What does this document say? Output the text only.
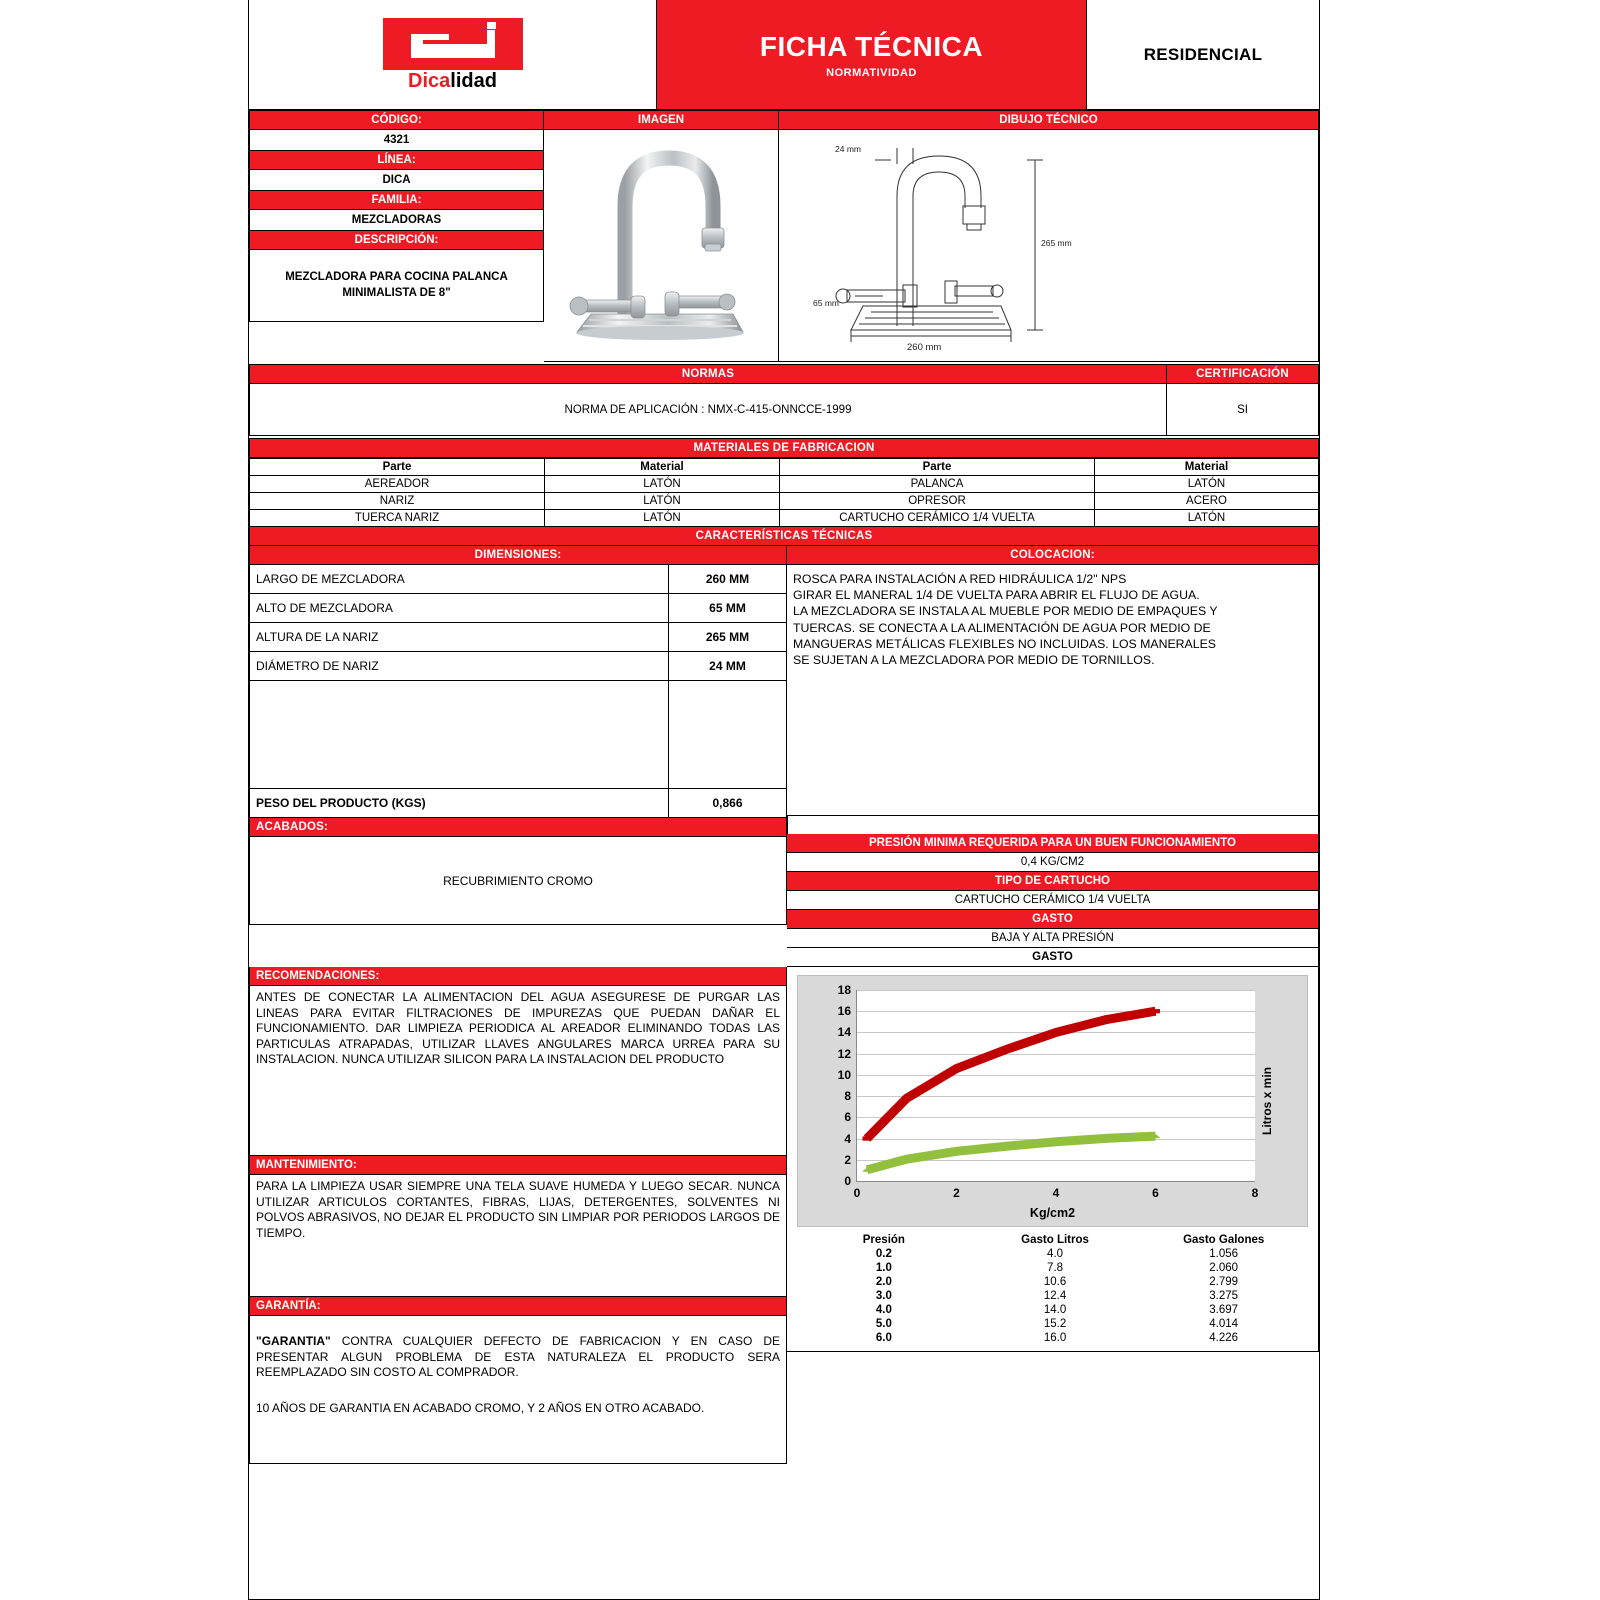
Dicalidad
FICHA TÉCNICA
NORMATIVIDAD
RESIDENCIAL
CÓDIGO:
4321
LÍNEA:
DICA
FAMILIA:
MEZCLADORAS
DESCRIPCIÓN:
MEZCLADORA PARA COCINA PALANCA MINIMALISTA DE 8"
IMAGEN	DIBUJO TÉCNICO
24 mm
265 mm
65 mm
260 mm
NORMAS
NORMA DE APLICACIÓN : NMX-C-415-ONNCCE-1999
CERTIFICACIÓN
SI
MATERIALES DE FABRICACION
Parte	Material	Parte	Material
AEREADOR	LATÓN	PALANCA	LATÓN
NARIZ	LATÓN	OPRESOR	ACERO
TUERCA NARIZ	LATÓN	CARTUCHO CERÁMICO 1/4 VUELTA	LATÓN
CARACTERÍSTICAS TÉCNICAS
DIMENSIONES:
LARGO DE MEZCLADORA	260 MM
ALTO DE MEZCLADORA	65 MM
ALTURA DE LA NARIZ	265 MM
DIÁMETRO DE NARIZ	24 MM

PESO DEL PRODUCTO (KGS)	0,866
ACABADOS:
RECUBRIMIENTO CROMO
COLOCACION:

ROSCA PARA INSTALACIÓN A RED HIDRÁULICA 1/2" NPS

GIRAR EL MANERAL 1/4 DE VUELTA PARA ABRIR EL FLUJO DE AGUA.

LA MEZCLADORA SE INSTALA AL MUEBLE POR MEDIO DE EMPAQUES Y

TUERCAS. SE CONECTA A LA ALIMENTACIÓN DE AGUA POR MEDIO DE

MANGUERAS METÁLICAS FLEXIBLES NO INCLUIDAS. LOS MANERALES

SE SUJETAN A LA MEZCLADORA POR MEDIO DE TORNILLOS.

PRESIÓN MINIMA REQUERIDA PARA UN BUEN FUNCIONAMIENTO
0,4 KG/CM2
TIPO DE CARTUCHO
CARTUCHO CERÁMICO 1/4 VUELTA
GASTO
BAJA Y ALTA PRESIÓN
GASTO
RECOMENDACIONES:
ANTES DE CONECTAR LA ALIMENTACION DEL AGUA ASEGURESE DE PURGAR LAS LINEAS PARA EVITAR FILTRACIONES DE IMPUREZAS QUE PUEDAN DAÑAR EL FUNCIONAMIENTO. DAR LIMPIEZA PERIODICA AL AREADOR ELIMINANDO TODAS LAS PARTICULAS ATRAPADAS, UTILIZAR LLAVES ANGULARES MARCA URREA PARA SU INSTALACION. NUNCA UTILIZAR SILICON PARA LA INSTALACION DEL PRODUCTO
MANTENIMIENTO:
PARA LA LIMPIEZA USAR SIEMPRE UNA TELA SUAVE HUMEDA Y LUEGO SECAR. NUNCA UTILIZAR ARTICULOS CORTANTES, FIBRAS, LIJAS, DETERGENTES, SOLVENTES NI POLVOS ABRASIVOS, NO DEJAR EL PRODUCTO SIN LIMPIAR POR PERIODOS LARGOS DE TIEMPO.
GARANTÍA:

"GARANTIA" CONTRA CUALQUIER DEFECTO DE FABRICACION Y EN CASO DE PRESENTAR ALGUN PROBLEMA DE ESTA NATURALEZA EL PRODUCTO SERA REEMPLAZADO SIN COSTO AL COMPRADOR.

10 AÑOS DE GARANTIA EN ACABADO CROMO, Y 2 AÑOS EN OTRO ACABADO.

18
16
14
12
10
8
6
4
2
0
0	2	4	6	8
Kg/cm2
Litros x min
Presión	Gasto Litros	Gasto Galones
0.2	4.0	1.056
1.0	7.8	2.060
2.0	10.6	2.799
3.0	12.4	3.275
4.0	14.0	3.697
5.0	15.2	4.014
6.0	16.0	4.226
